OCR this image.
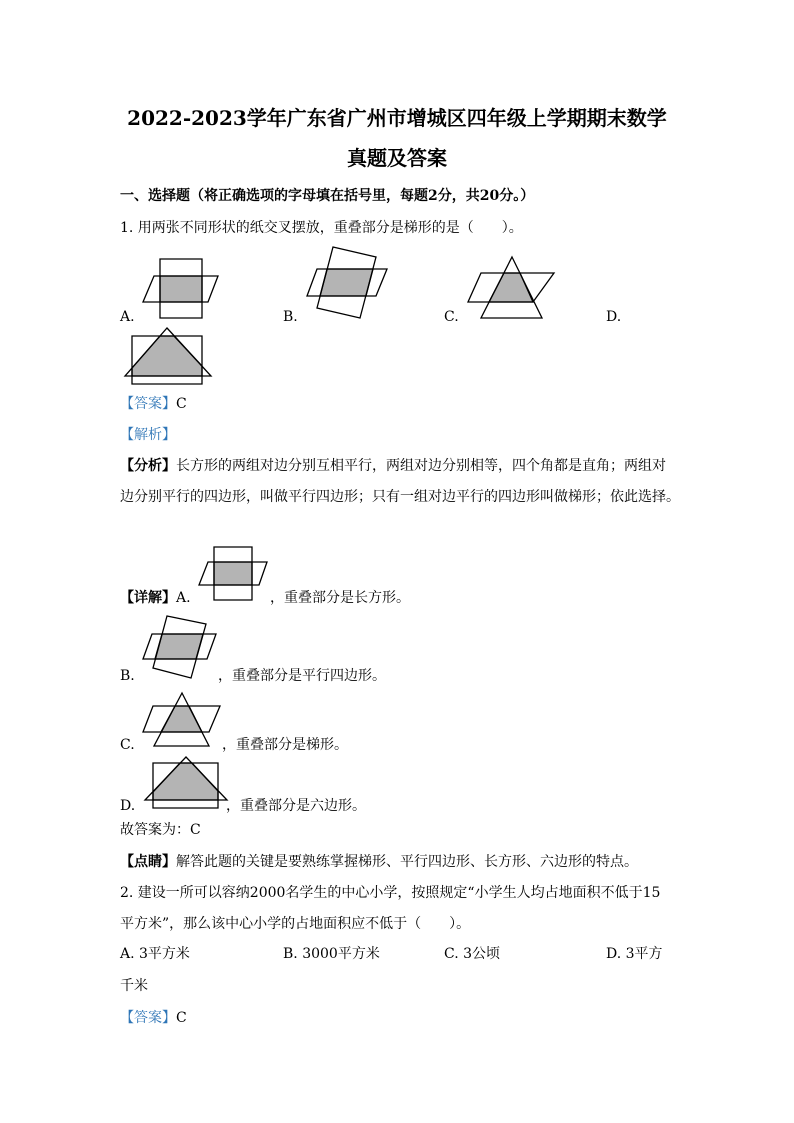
2022-2023学年广东省广州市增城区四年级上学期期末数学
真题及答案
一、选择题（将正确选项的字母填在括号里，每题2分，共20分。）
1. 用两张不同形状的纸交叉摆放，重叠部分是梯形的是（　　）。
A.	B.	C.	D.
【答案】C
【解析】
【分析】长方形的两组对边分别互相平行，两组对边分别相等，四个角都是直角；两组对
边分别平行的四边形，叫做平行四边形；只有一组对边平行的四边形叫做梯形；依此选择。
【详解】A.	，重叠部分是长方形。
B.	，重叠部分是平行四边形。
C.	，重叠部分是梯形。
D.	，重叠部分是六边形。
故答案为：C
【点睛】解答此题的关键是要熟练掌握梯形、平行四边形、长方形、六边形的特点。
2. 建设一所可以容纳2000名学生的中心小学，按照规定“小学生人均占地面积不低于15
平方米”，那么该中心小学的占地面积应不低于（　　）。
A. 3平方米	B. 3000平方米	C. 3公顷	D. 3平方
千米
【答案】C
